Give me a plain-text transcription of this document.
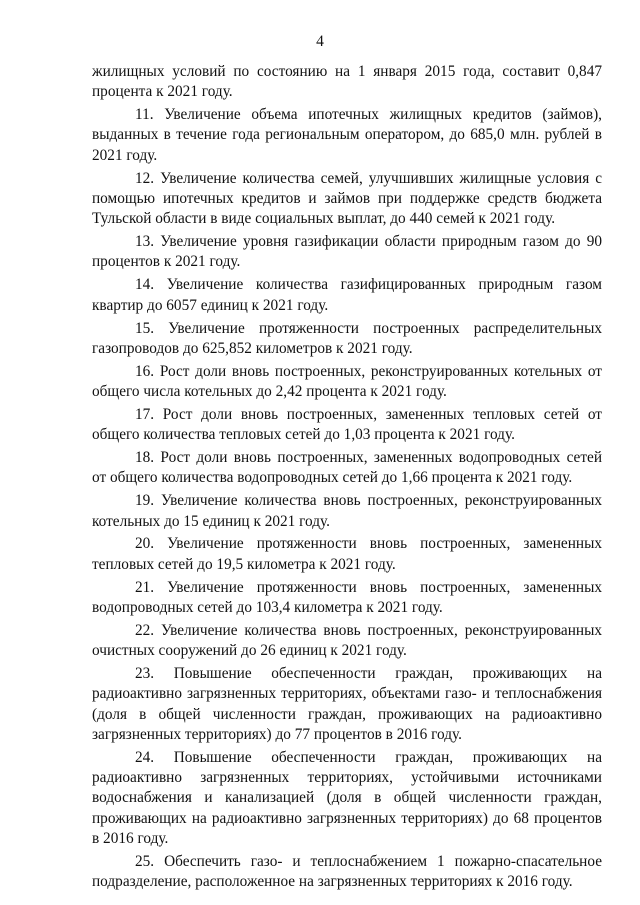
4

жилищных условий по состоянию на 1 января 2015 года, составит 0,847 процента к 2021 году.

11. Увеличение объема ипотечных жилищных кредитов (займов), выданных в течение года региональным оператором, до 685,0 млн. рублей в 2021 году.

12. Увеличение количества семей, улучшивших жилищные условия с помощью ипотечных кредитов и займов при поддержке средств бюджета Тульской области в виде социальных выплат, до 440 семей к 2021 году.

13. Увеличение уровня газификации области природным газом до 90 процентов к 2021 году.

14. Увеличение количества газифицированных природным газом квартир до 6057 единиц к 2021 году.

15. Увеличение протяженности построенных распределительных газопроводов до 625,852 километров к 2021 году.

16. Рост доли вновь построенных, реконструированных котельных от общего числа котельных до 2,42 процента к 2021 году.

17. Рост доли вновь построенных, замененных тепловых сетей от общего количества тепловых сетей до 1,03 процента к 2021 году.

18. Рост доли вновь построенных, замененных водопроводных сетей от общего количества водопроводных сетей до 1,66 процента к 2021 году.

19. Увеличение количества вновь построенных, реконструированных котельных до 15 единиц к 2021 году.

20. Увеличение протяженности вновь построенных, замененных тепловых сетей до 19,5 километра к 2021 году.

21. Увеличение протяженности вновь построенных, замененных водопроводных сетей до 103,4 километра к 2021 году.

22. Увеличение количества вновь построенных, реконструированных очистных сооружений до 26 единиц к 2021 году.

23. Повышение обеспеченности граждан, проживающих на радиоактивно загрязненных территориях, объектами газо- и теплоснабжения (доля в общей численности граждан, проживающих на радиоактивно загрязненных территориях) до 77 процентов в 2016 году.

24. Повышение обеспеченности граждан, проживающих на радиоактивно загрязненных территориях, устойчивыми источниками водоснабжения и канализацией (доля в общей численности граждан, проживающих на радиоактивно загрязненных территориях) до 68 процентов в 2016 году.

25. Обеспечить газо- и теплоснабжением 1 пожарно-спасательное подразделение, расположенное на загрязненных территориях к 2016 году.
